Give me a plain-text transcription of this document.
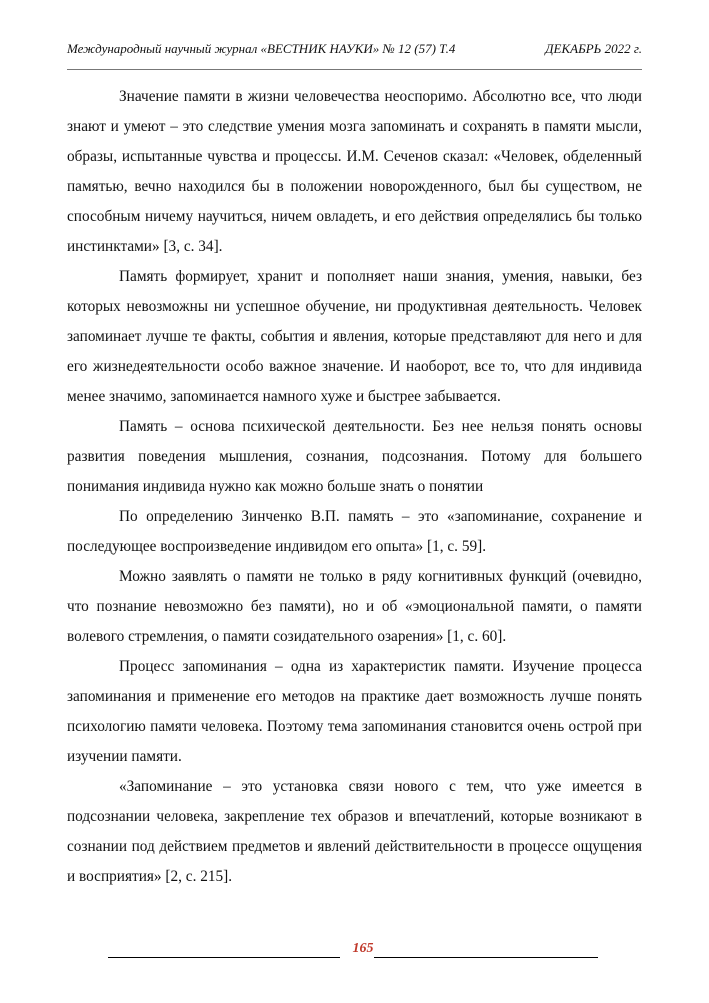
Международный научный журнал «ВЕСТНИК НАУКИ» № 12 (57) Т.4	ДЕКАБРЬ 2022 г.

Значение памяти в жизни человечества неоспоримо. Абсолютно все, что люди знают и умеют – это следствие умения мозга запоминать и сохранять в памяти мысли, образы, испытанные чувства и процессы. И.М. Сеченов сказал: «Человек, обделенный памятью, вечно находился бы в положении новорожденного, был бы существом, не способным ничему научиться, ничем овладеть, и его действия определялись бы только инстинктами» [3, с. 34].

Память формирует, хранит и пополняет наши знания, умения, навыки, без которых невозможны ни успешное обучение, ни продуктивная деятельность. Человек запоминает лучше те факты, события и явления, которые представляют для него и для его жизнедеятельности особо важное значение. И наоборот, все то, что для индивида менее значимо, запоминается намного хуже и быстрее забывается.

Память – основа психической деятельности. Без нее нельзя понять основы развития поведения мышления, сознания, подсознания. Потому для большего понимания индивида нужно как можно больше знать о понятии

По определению Зинченко В.П. память – это «запоминание, сохранение и последующее воспроизведение индивидом его опыта» [1, с. 59].

Можно заявлять о памяти не только в ряду когнитивных функций (очевидно, что познание невозможно без памяти), но и об «эмоциональной памяти, о памяти волевого стремления, о памяти созидательного озарения» [1, с. 60].

Процесс запоминания – одна из характеристик памяти. Изучение процесса запоминания и применение его методов на практике дает возможность лучше понять психологию памяти человека. Поэтому тема запоминания становится очень острой при изучении памяти.

«Запоминание – это установка связи нового с тем, что уже имеется в подсознании человека, закрепление тех образов и впечатлений, которые возникают в сознании под действием предметов и явлений действительности в процессе ощущения и восприятия» [2, с. 215].

165
